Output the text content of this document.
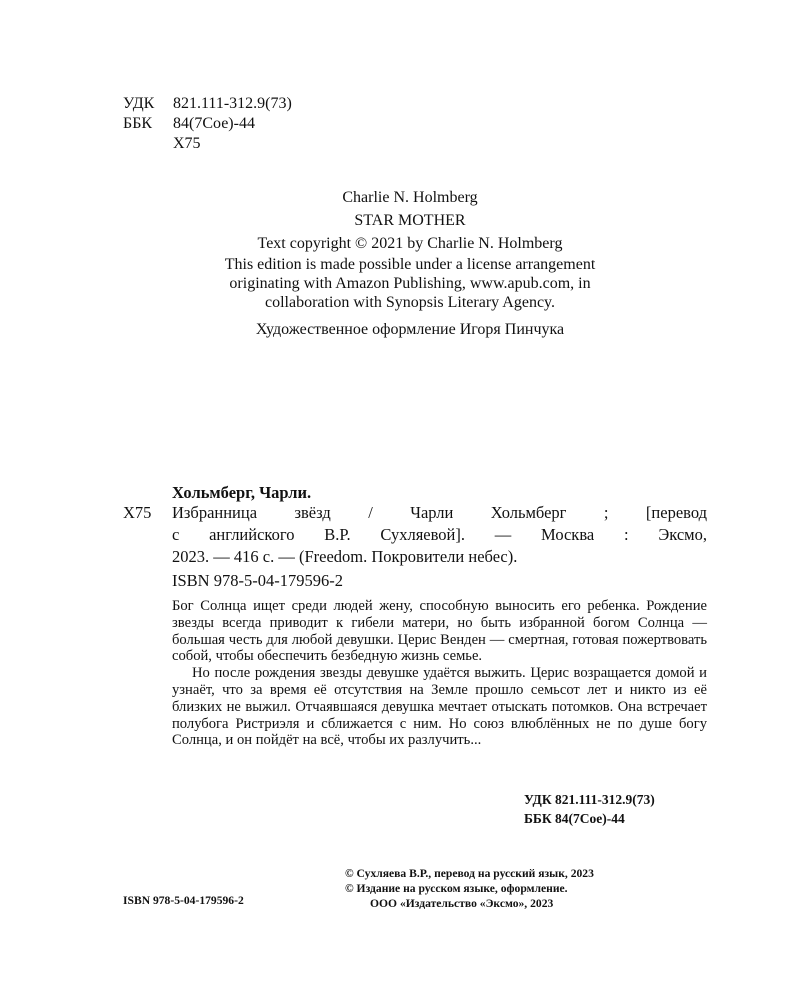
УДК 821.111-312.9(73)
ББК 84(7Сое)-44
Х75
Charlie N. Holmberg
STAR MOTHER
Text copyright © 2021 by Charlie N. Holmberg
This edition is made possible under a license arrangement
originating with Amazon Publishing, www.apub.com, in
collaboration with Synopsis Literary Agency.
Художественное оформление Игоря Пинчука
Хольмберг, Чарли.
Х75 Избранница звёзд / Чарли Хольмберг ; [перевод
с английского В.Р. Сухляевой]. — Москва : Эксмо,
2023. — 416 с. — (Freedom. Покровители небес).
ISBN 978-5-04-179596-2

Бог Солнца ищет среди людей жену, способную выносить его ребенка. Рождение звезды всегда приводит к гибели матери, но быть избранной богом Солнца — большая честь для любой девушки. Церис Венден — смертная, готовая пожертвовать собой, чтобы обеспечить безбедную жизнь семье.

Но после рождения звезды девушке удаётся выжить. Церис возращается домой и узнаёт, что за время её отсутствия на Земле прошло семьсот лет и никто из её близких не выжил. Отчаявшаяся девушка мечтает отыскать потомков. Она встречает полубога Ристриэля и сближается с ним. Но союз влюблённых не по душе богу Солнца, и он пойдёт на всё, чтобы их разлучить...

УДК 821.111-312.9(73)
ББК 84(7Сое)-44
© Сухляева В.Р., перевод на русский язык, 2023
© Издание на русском языке, оформление.
ООО «Издательство «Эксмо», 2023
ISBN 978-5-04-179596-2
